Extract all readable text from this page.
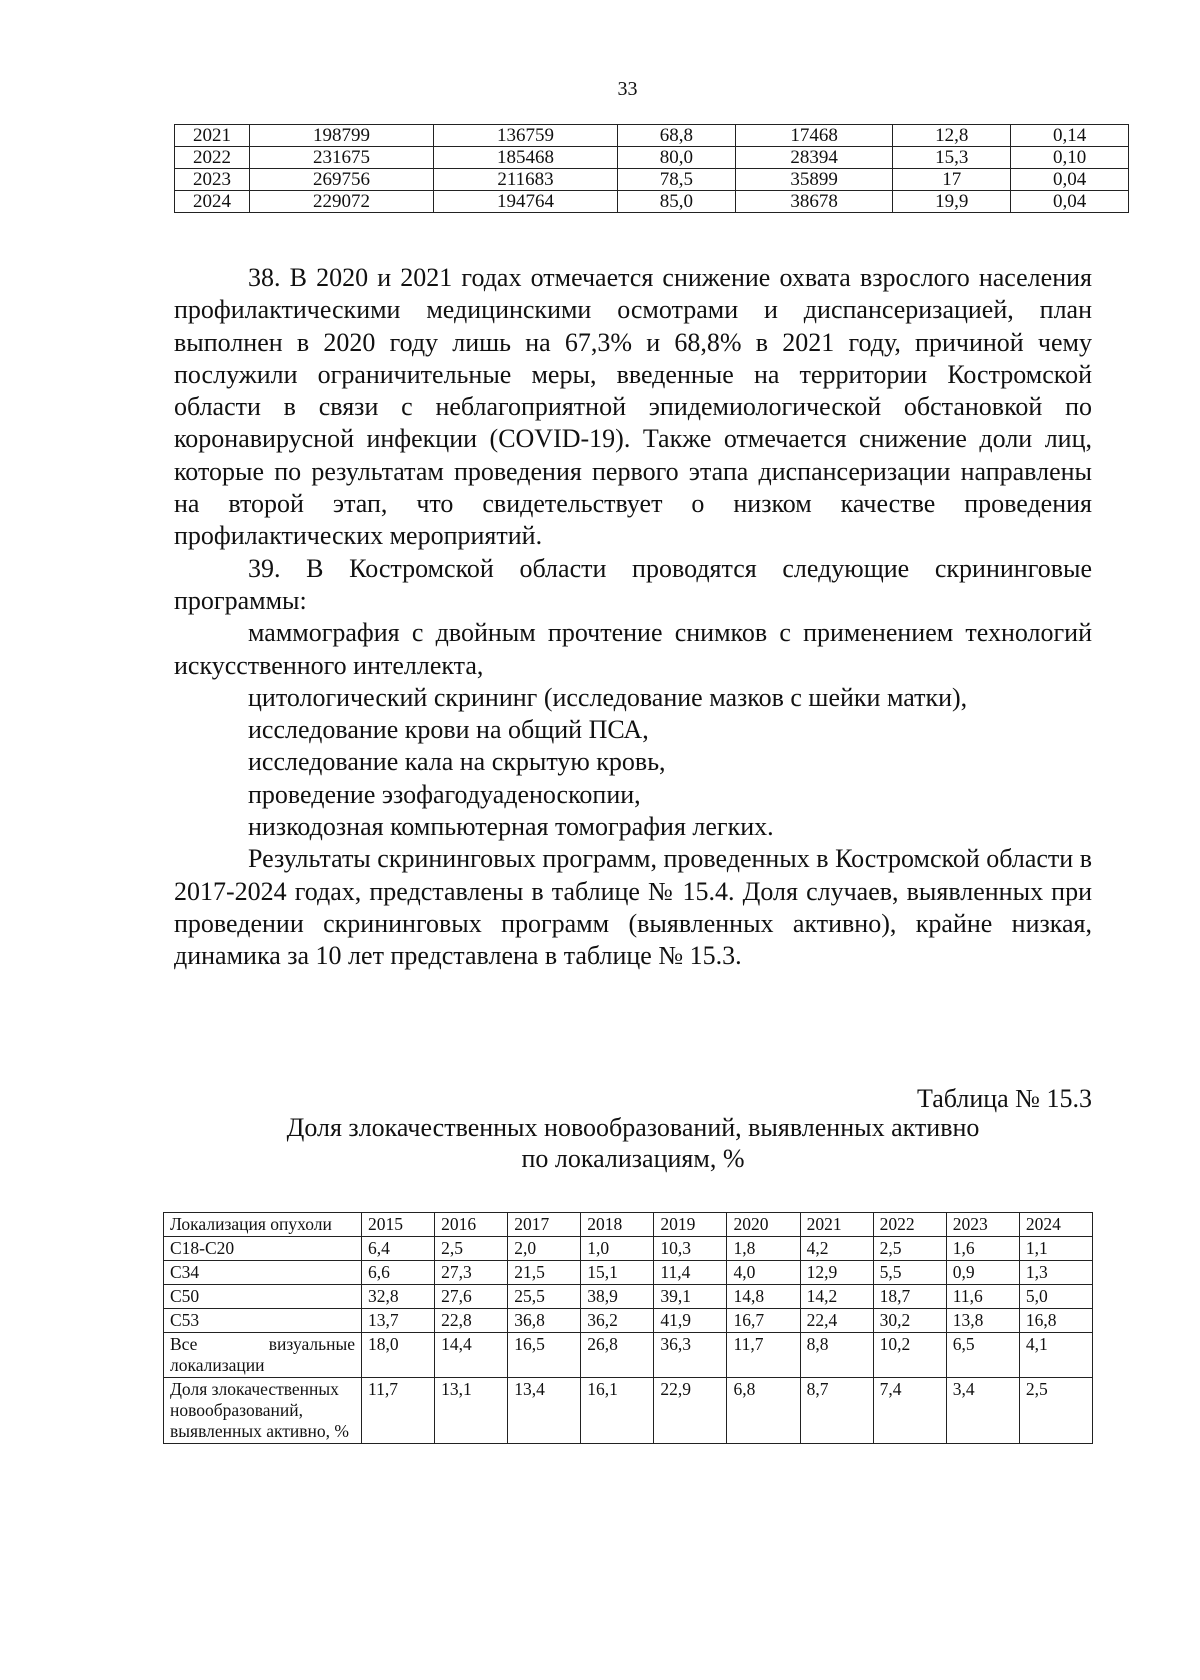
33
2021	198799	136759	68,8	17468	12,8	0,14
2022	231675	185468	80,0	28394	15,3	0,10
2023	269756	211683	78,5	35899	17	0,04
2024	229072	194764	85,0	38678	19,9	0,04

38. В 2020 и 2021 годах отмечается снижение охвата взрослого населения профилактическими медицинскими осмотрами и диспансеризацией, план выполнен в 2020 году лишь на 67,3% и 68,8% в 2021 году, причиной чему послужили ограничительные меры, введенные на территории Костромской области в связи с неблагоприятной эпидемиологической обстановкой по коронавирусной инфекции (COVID-19). Также отмечается снижение доли лиц, которые по результатам проведения первого этапа диспансеризации направлены на второй этап, что свидетельствует о низком качестве проведения профилактических мероприятий.

39. В Костромской области проводятся следующие скрининговые программы:

маммография с двойным прочтение снимков с применением технологий искусственного интеллекта,

цитологический скрининг (исследование мазков с шейки матки),

исследование крови на общий ПСА,

исследование кала на скрытую кровь,

проведение эзофагодуаденоскопии,

низкодозная компьютерная томография легких.

Результаты скрининговых программ, проведенных в Костромской области в 2017-2024 годах, представлены в таблице № 15.4. Доля случаев, выявленных при проведении скрининговых программ (выявленных активно), крайне низкая, динамика за 10 лет представлена в таблице № 15.3.

Таблица № 15.3
Доля злокачественных новообразований, выявленных активно
по локализациям, %
Локализация опухоли	2015	2016	2017	2018	2019	2020	2021	2022	2023	2024
С18-С20	6,4	2,5	2,0	1,0	10,3	1,8	4,2	2,5	1,6	1,1
С34	6,6	27,3	21,5	15,1	11,4	4,0	12,9	5,5	0,9	1,3
С50	32,8	27,6	25,5	38,9	39,1	14,8	14,2	18,7	11,6	5,0
С53	13,7	22,8	36,8	36,2	41,9	16,7	22,4	30,2	13,8	16,8
Все визуальные локализации	18,0	14,4	16,5	26,8	36,3	11,7	8,8	10,2	6,5	4,1
Доля злокачественных новообразований, выявленных активно, %	11,7	13,1	13,4	16,1	22,9	6,8	8,7	7,4	3,4	2,5
